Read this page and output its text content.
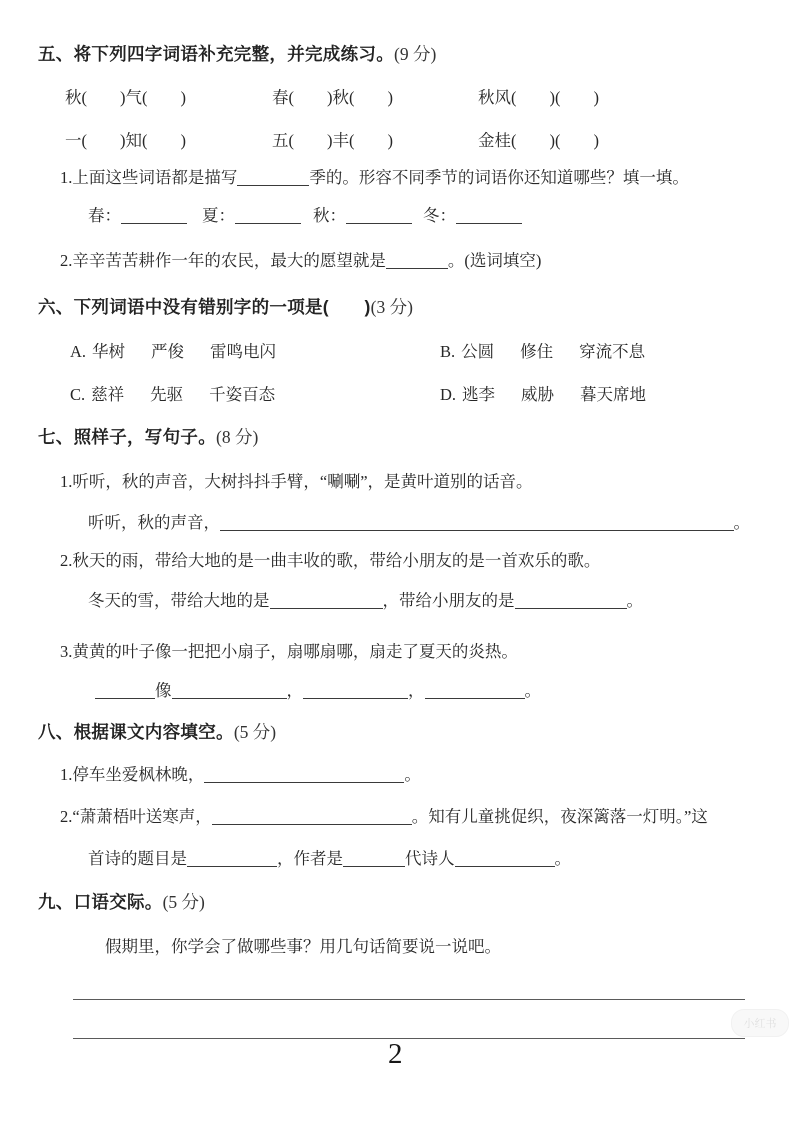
五、将下列四字词语补充完整，并完成练习。(9 分)
秋(　　)气(　　)	春(　　)秋(　　)	秋风(　　)(　　)
一(　　)知(　　)	五(　　)丰(　　)	金桂(　　)(　　)
1.上面这些词语都是描写	季的。形容不同季节的词语你还知道哪些？填一填。
春：	夏：	秋：	冬：
2.辛辛苦苦耕作一年的农民，最大的愿望就是	。(选词填空)
六、下列词语中没有错别字的一项是(　　)(3 分)
A. 华树 严俊 雷鸣电闪	B. 公圆 修住 穿流不息
C. 慈祥 先驱 千姿百态	D. 逃李 威胁 暮天席地
七、照样子，写句子。(8 分)
1.听听，秋的声音，大树抖抖手臂，“唰唰”，是黄叶道别的话音。
听听，秋的声音，	。
2.秋天的雨，带给大地的是一曲丰收的歌，带给小朋友的是一首欢乐的歌。
冬天的雪，带给大地的是	，带给小朋友的是	。
3.黄黄的叶子像一把把小扇子，扇哪扇哪，扇走了夏天的炎热。
像	，	，	。
八、根据课文内容填空。(5 分)
1.停车坐爱枫林晚，	。
2.“萧萧梧叶送寒声，	。知有儿童挑促织，夜深篱落一灯明。”这
首诗的题目是	，作者是	代诗人	。
九、口语交际。(5 分)
假期里，你学会了做哪些事？用几句话简要说一说吧。
小红书
2
